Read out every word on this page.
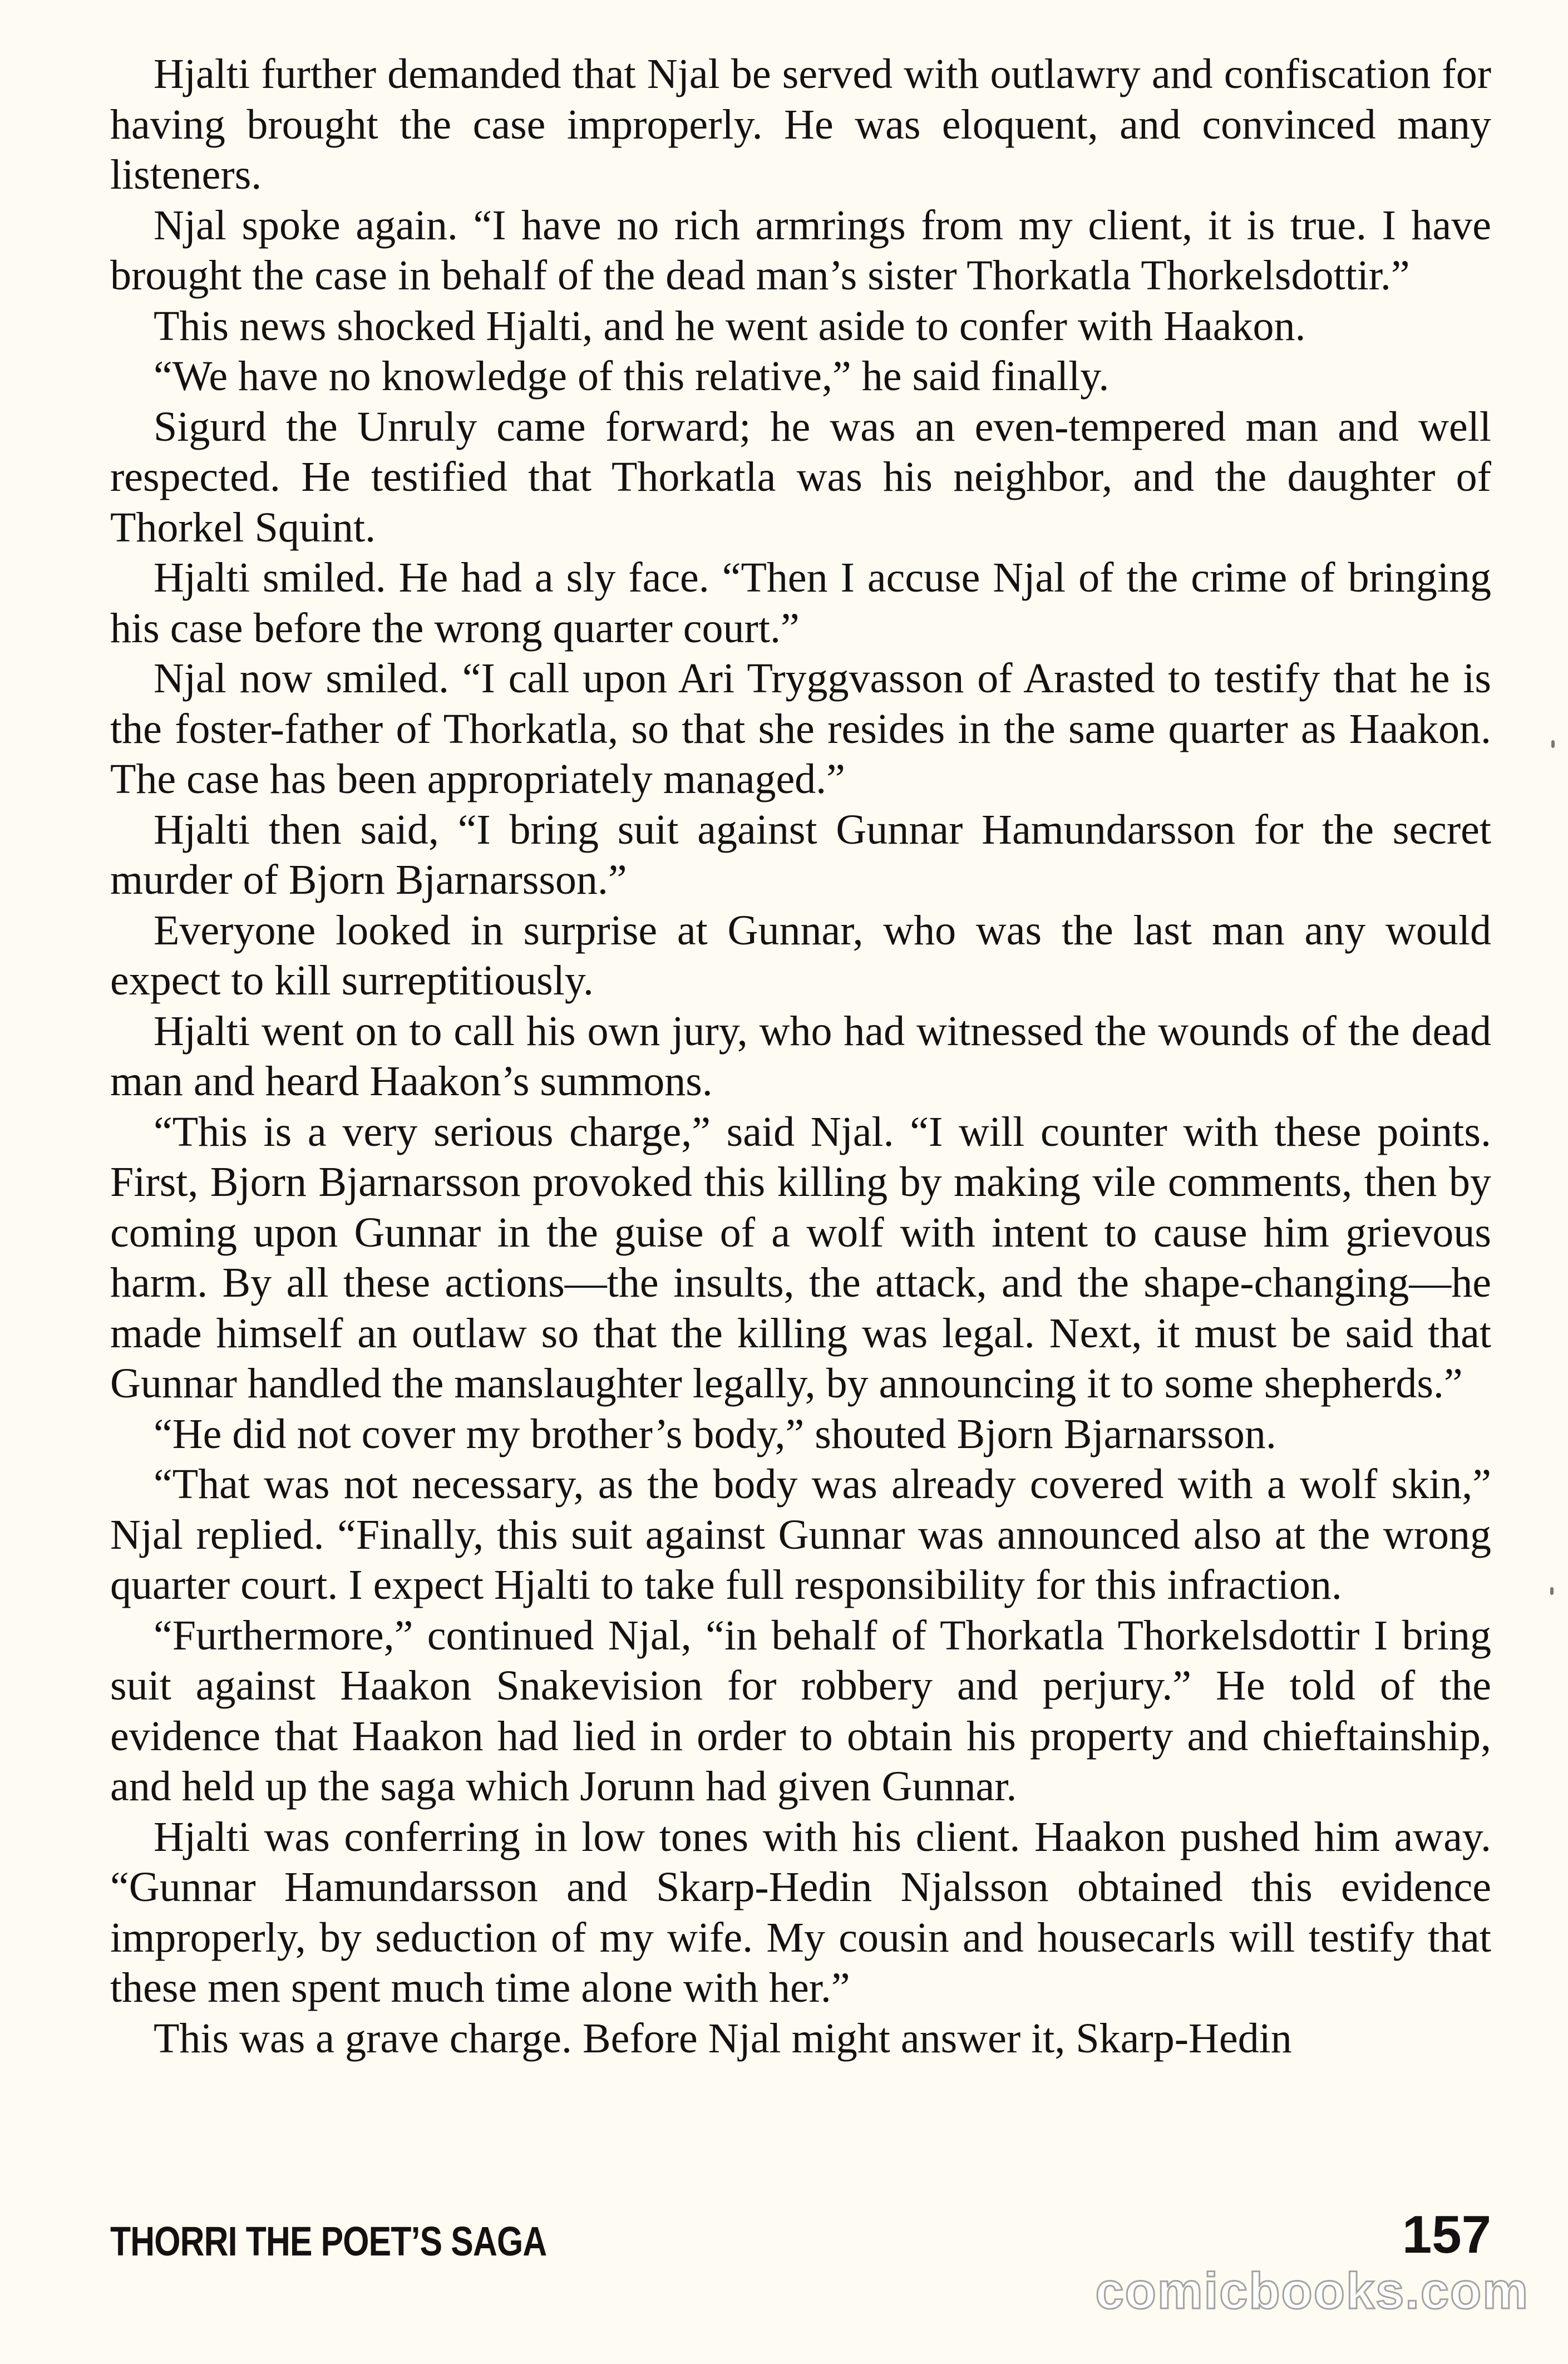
Hjalti further demanded that Njal be served with outlawry and confiscation for having brought the case improperly. He was eloquent, and convinced many listeners.

Njal spoke again. “I have no rich armrings from my client, it is true. I have brought the case in behalf of the dead man’s sister Thorkatla Thorkelsdottir.”

This news shocked Hjalti, and he went aside to confer with Haakon.

“We have no knowledge of this relative,” he said finally.

Sigurd the Unruly came forward; he was an even-tempered man and well respected. He testified that Thorkatla was his neighbor, and the daughter of Thorkel Squint.

Hjalti smiled. He had a sly face. “Then I accuse Njal of the crime of bringing his case before the wrong quarter court.”

Njal now smiled. “I call upon Ari Tryggvasson of Arasted to testify that he is the foster-father of Thorkatla, so that she resides in the same quarter as Haakon. The case has been appropriately managed.”

Hjalti then said, “I bring suit against Gunnar Hamundarsson for the secret murder of Bjorn Bjarnarsson.”

Everyone looked in surprise at Gunnar, who was the last man any would expect to kill surreptitiously.

Hjalti went on to call his own jury, who had witnessed the wounds of the dead man and heard Haakon’s summons.

“This is a very serious charge,” said Njal. “I will counter with these points. First, Bjorn Bjarnarsson provoked this killing by making vile comments, then by coming upon Gunnar in the guise of a wolf with intent to cause him grievous harm. By all these actions—the insults, the attack, and the shape-changing—he made himself an outlaw so that the killing was legal. Next, it must be said that Gunnar handled the manslaughter legally, by announcing it to some shepherds.”

“He did not cover my brother’s body,” shouted Bjorn Bjarnarsson.

“That was not necessary, as the body was already covered with a wolf skin,” Njal replied. “Finally, this suit against Gunnar was announced also at the wrong quarter court. I expect Hjalti to take full responsibility for this infraction.

“Furthermore,” continued Njal, “in behalf of Thorkatla Thorkelsdottir I bring suit against Haakon Snakevision for robbery and perjury.” He told of the evidence that Haakon had lied in order to obtain his property and chieftainship, and held up the saga which Jorunn had given Gunnar.

Hjalti was conferring in low tones with his client. Haakon pushed him away. “Gunnar Hamundarsson and Skarp-Hedin Njalsson obtained this evidence improperly, by seduction of my wife. My cousin and housecarls will testify that these men spent much time alone with her.”

This was a grave charge. Before Njal might answer it, Skarp-Hedin

THORRI THE POET’S SAGA	157
comicbooks.com
